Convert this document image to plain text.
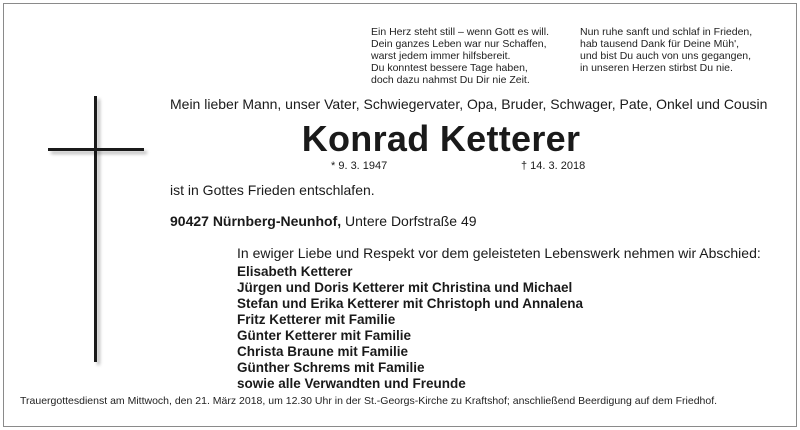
Ein Herz steht still – wenn Gott es will.
Dein ganzes Leben war nur Schaffen,
warst jedem immer hilfsbereit.
Du konntest bessere Tage haben,
doch dazu nahmst Du Dir nie Zeit.
Nun ruhe sanft und schlaf in Frieden,
hab tausend Dank für Deine Müh',
und bist Du auch von uns gegangen,
in unseren Herzen stirbst Du nie.
Mein lieber Mann, unser Vater, Schwiegervater, Opa, Bruder, Schwager, Pate, Onkel und Cousin
Konrad Ketterer
* 9. 3. 1947	† 14. 3. 2018
ist in Gottes Frieden entschlafen.
90427 Nürnberg-Neunhof, Untere Dorfstraße 49
In ewiger Liebe und Respekt vor dem geleisteten Lebenswerk nehmen wir Abschied:
Elisabeth Ketterer
Jürgen und Doris Ketterer mit Christina und Michael
Stefan und Erika Ketterer mit Christoph und Annalena
Fritz Ketterer mit Familie
Günter Ketterer mit Familie
Christa Braune mit Familie
Günther Schrems mit Familie
sowie alle Verwandten und Freunde
Trauergottesdienst am Mittwoch, den 21. März 2018, um 12.30 Uhr in der St.-Georgs-Kirche zu Kraftshof; anschließend Beerdigung auf dem Friedhof.
